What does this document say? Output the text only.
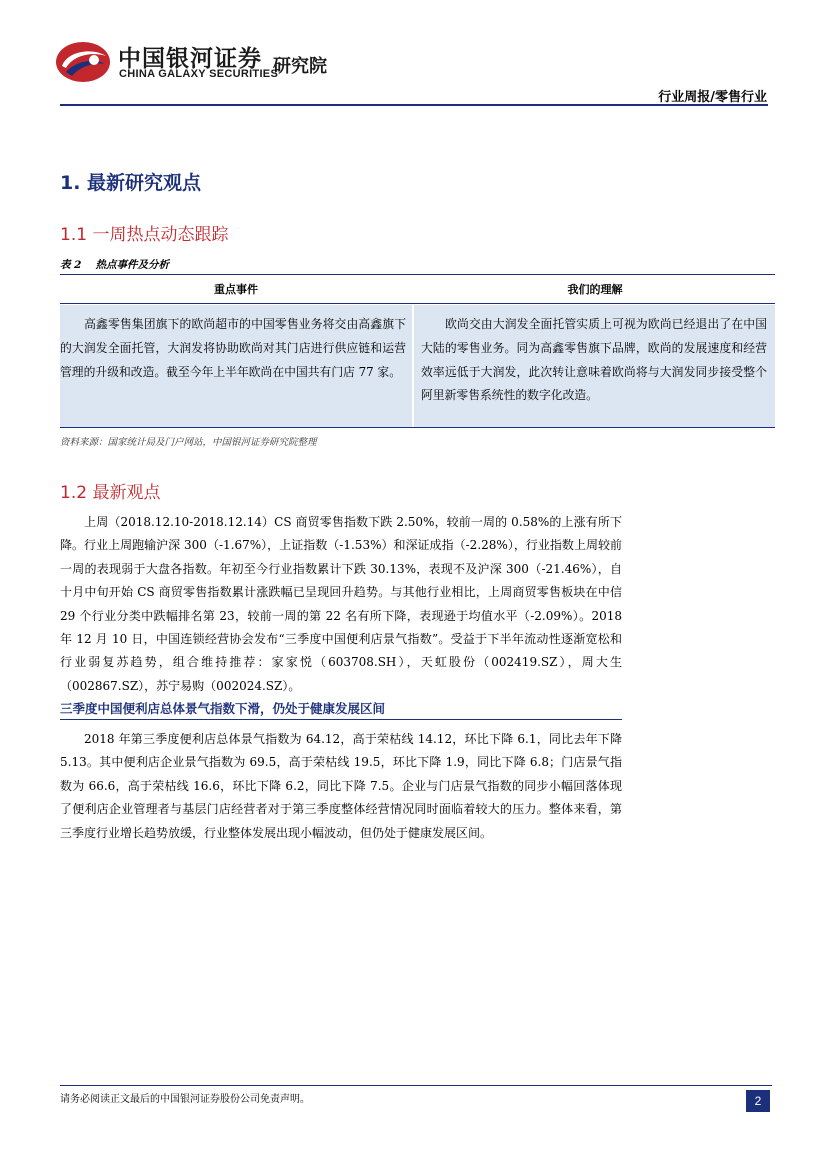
中国银河证券
CHINA GALAXY SECURITIES
研究院
行业周报/零售行业
1. 最新研究观点
1.1 一周热点动态跟踪
表 2 热点事件及分析
重点事件	我们的理解
高鑫零售集团旗下的欧尚超市的中国零售业务将交由高鑫旗下的大润发全面托管，大润发将协助欧尚对其门店进行供应链和运营管理的升级和改造。截至今年上半年欧尚在中国共有门店 77 家。
欧尚交由大润发全面托管实质上可视为欧尚已经退出了在中国大陆的零售业务。同为高鑫零售旗下品牌，欧尚的发展速度和经营效率远低于大润发，此次转让意味着欧尚将与大润发同步接受整个阿里新零售系统性的数字化改造。
资料来源：国家统计局及门户网站，中国银河证券研究院整理
1.2 最新观点
上周（2018.12.10-2018.12.14）CS 商贸零售指数下跌 2.50%，较前一周的 0.58%的上涨有所下降。行业上周跑输沪深 300（-1.67%），上证指数（-1.53%）和深证成指（-2.28%），行业指数上周较前一周的表现弱于大盘各指数。年初至今行业指数累计下跌 30.13%，表现不及沪深 300（-21.46%），自十月中旬开始 CS 商贸零售指数累计涨跌幅已呈现回升趋势。与其他行业相比，上周商贸零售板块在中信 29 个行业分类中跌幅排名第 23，较前一周的第 22 名有所下降，表现逊于均值水平（-2.09%）。2018 年 12 月 10 日，中国连锁经营协会发布“三季度中国便利店景气指数”。受益于下半年流动性逐渐宽松和行业弱复苏趋势，组合维持推荐：家家悦（603708.SH），天虹股份（002419.SZ），周大生（002867.SZ），苏宁易购（002024.SZ）。
三季度中国便利店总体景气指数下滑，仍处于健康发展区间
2018 年第三季度便利店总体景气指数为 64.12，高于荣枯线 14.12，环比下降 6.1，同比去年下降 5.13。其中便利店企业景气指数为 69.5，高于荣枯线 19.5，环比下降 1.9，同比下降 6.8；门店景气指数为 66.6，高于荣枯线 16.6，环比下降 6.2，同比下降 7.5。企业与门店景气指数的同步小幅回落体现了便利店企业管理者与基层门店经营者对于第三季度整体经营情况同时面临着较大的压力。整体来看，第三季度行业增长趋势放缓，行业整体发展出现小幅波动，但仍处于健康发展区间。
请务必阅读正文最后的中国银河证券股份公司免责声明。	2
